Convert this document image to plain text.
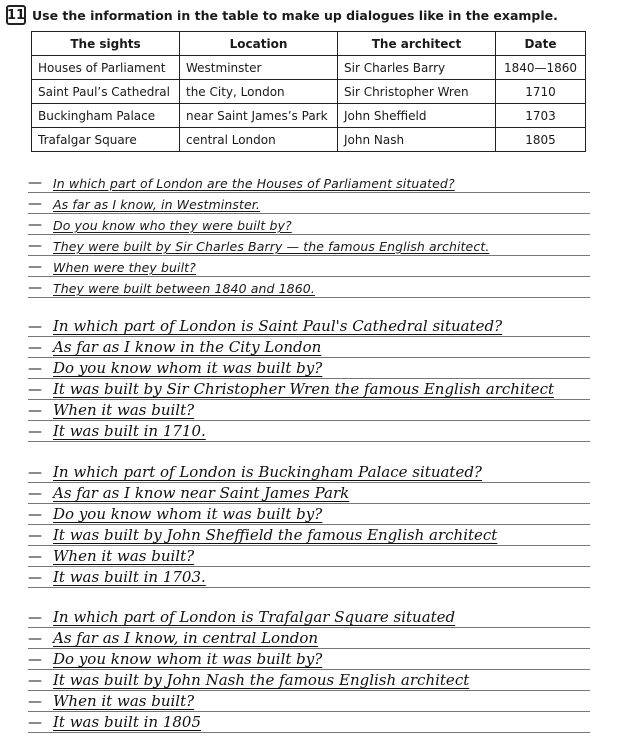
11 Use the information in the table to make up dialogues like in the example.
The sights	Location	The architect	Date
Houses of Parliament	Westminster	Sir Charles Barry	1840—1860
Saint Paul’s Cathedral	the City, London	Sir Christopher Wren	1710
Buckingham Palace	near Saint James’s Park	John Sheffield	1703
Trafalgar Square	central London	John Nash	1805
— In which part of London are the Houses of Parliament situated?
— As far as I know, in Westminster.
— Do you know who they were built by?
— They were built by Sir Charles Barry — the famous English architect.
— When were they built?
— They were built between 1840 and 1860.
— In which part of London is Saint Paul's Cathedral situated?
— As far as I know in the City London
— Do you know whom it was built by?
— It was built by Sir Christopher Wren the famous English architect
— When it was built?
— It was built in 1710.
— In which part of London is Buckingham Palace situated?
— As far as I know near Saint James Park
— Do you know whom it was built by?
— It was built by John Sheffield the famous English architect
— When it was built?
— It was built in 1703.
— In which part of London is Trafalgar Square situated
— As far as I know, in central London
— Do you know whom it was built by?
— It was built by John Nash the famous English architect
— When it was built?
— It was built in 1805
